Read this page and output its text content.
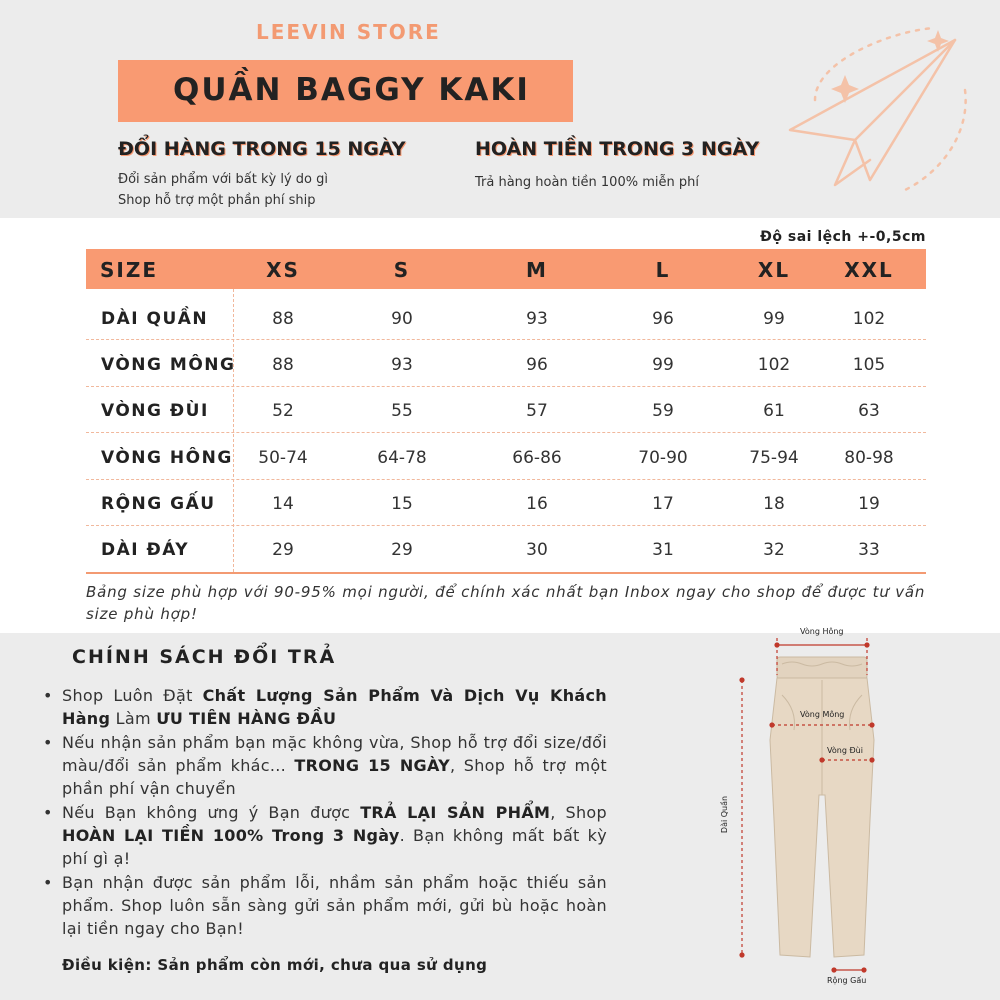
LEEVIN STORE
QUẦN BAGGY KAKI
ĐỔI HÀNG TRONG 15 NGÀY
Đổi sản phẩm với bất kỳ lý do gì
Shop hỗ trợ một phần phí ship
HOÀN TIỀN TRONG 3 NGÀY
Trả hàng hoàn tiền 100% miễn phí
Độ sai lệch +-0,5cm
SIZE	XS	S	M	L	XL	XXL
DÀI QUẦN	88	90	93	96	99	102
VÒNG MÔNG 88	93	96	99	102	105
VÒNG ĐÙI	52	55	57	59	61	63
VÒNG HÔNG 50-74	64-78	66-86	70-90	75-94	80-98
RỘNG GẤU	14	15	16	17	18	19
DÀI ĐÁY	29	29	30	31	32	33
Bảng size phù hợp với 90-95% mọi người, để chính xác nhất bạn Inbox ngay cho shop để được tư vấn size phù hợp!
CHÍNH SÁCH ĐỔI TRẢ
• Shop Luôn Đặt Chất Lượng Sản Phẩm Và Dịch Vụ Khách Hàng Làm ƯU TIÊN HÀNG ĐẦU
• Nếu nhận sản phẩm bạn mặc không vừa, Shop hỗ trợ đổi size/đổi màu/đổi sản phẩm khác... TRONG 15 NGÀY, Shop hỗ trợ một phần phí vận chuyển
• Nếu Bạn không ưng ý Bạn được TRẢ LẠI SẢN PHẨM, Shop HOÀN LẠI TIỀN 100% Trong 3 Ngày. Bạn không mất bất kỳ phí gì ạ!
• Bạn nhận được sản phẩm lỗi, nhầm sản phẩm hoặc thiếu sản phẩm. Shop luôn sẵn sàng gửi sản phẩm mới, gửi bù hoặc hoàn lại tiền ngay cho Bạn!
Điều kiện: Sản phẩm còn mới, chưa qua sử dụng
Vòng Hông
Vòng Mông
Vòng Đùi
Dài Quần
Rộng Gấu
